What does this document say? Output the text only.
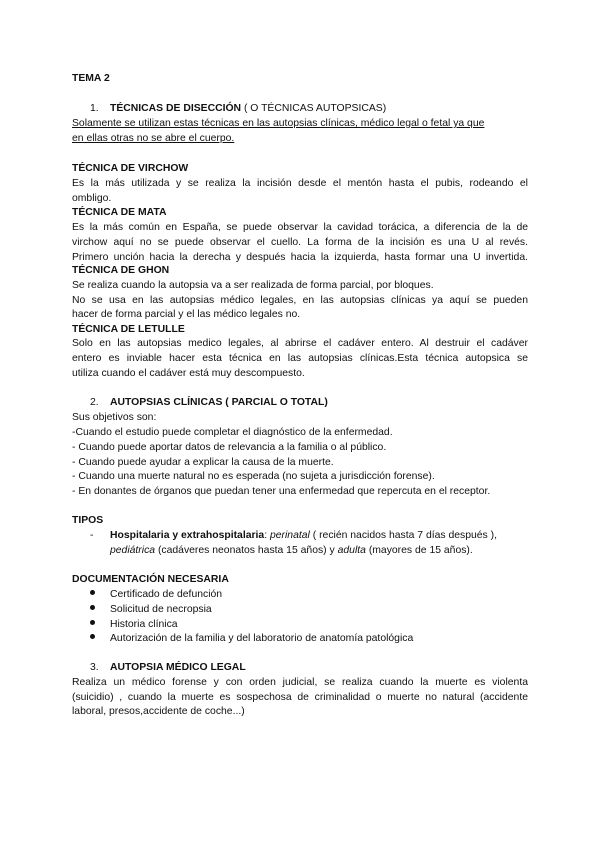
TEMA 2

1. TÉCNICAS DE DISECCIÓN ( O TÉCNICAS AUTOPSICAS)

Solamente se utilizan estas técnicas en las autopsias clínicas, médico legal o fetal ya que

en ellas otras no se abre el cuerpo.

TÉCNICA DE VIRCHOW

Es la más utilizada y se realiza la incisión desde el mentón hasta el pubis, rodeando el

ombligo.

TÉCNICA DE MATA

Es la más común en España, se puede observar la cavidad torácica, a diferencia de la de

virchow aquí no se puede observar el cuello. La forma de la incisión es una U al revés.

Primero unción hacia la derecha y después hacia la izquierda, hasta formar una U invertida.

TÉCNICA DE GHON

Se realiza cuando la autopsia va a ser realizada de forma parcial, por bloques.

No se usa en las autopsias médico legales, en las autopsias clínicas ya aquí se pueden

hacer de forma parcial y el las médico legales no.

TÉCNICA DE LETULLE

Solo en las autopsias medico legales, al abrirse el cadáver entero. Al destruir el cadáver

entero es inviable hacer esta técnica en las autopsias clínicas.Esta técnica autopsica se

utiliza cuando el cadáver está muy descompuesto.

2. AUTOPSIAS CLÍNICAS ( PARCIAL O TOTAL)

Sus objetivos son:

-Cuando el estudio puede completar el diagnóstico de la enfermedad.

- Cuando puede aportar datos de relevancia a la familia o al público.

- Cuando puede ayudar a explicar la causa de la muerte.

- Cuando una muerte natural no es esperada (no sujeta a jurisdicción forense).

- En donantes de órganos que puedan tener una enfermedad que repercuta en el receptor.

TIPOS

-	Hospitalaria y extrahospitalaria: perinatal ( recién nacidos hasta 7 días después ),

pediátrica (cadáveres neonatos hasta 15 años) y adulta (mayores de 15 años).

DOCUMENTACIÓN NECESARIA

Certificado de defunción

Solicitud de necropsia

Historia clínica

Autorización de la familia y del laboratorio de anatomía patológica

3. AUTOPSIA MÉDICO LEGAL

Realiza un médico forense y con orden judicial, se realiza cuando la muerte es violenta

(suicidio) , cuando la muerte es sospechosa de criminalidad o muerte no natural (accidente

laboral, presos,accidente de coche...)
